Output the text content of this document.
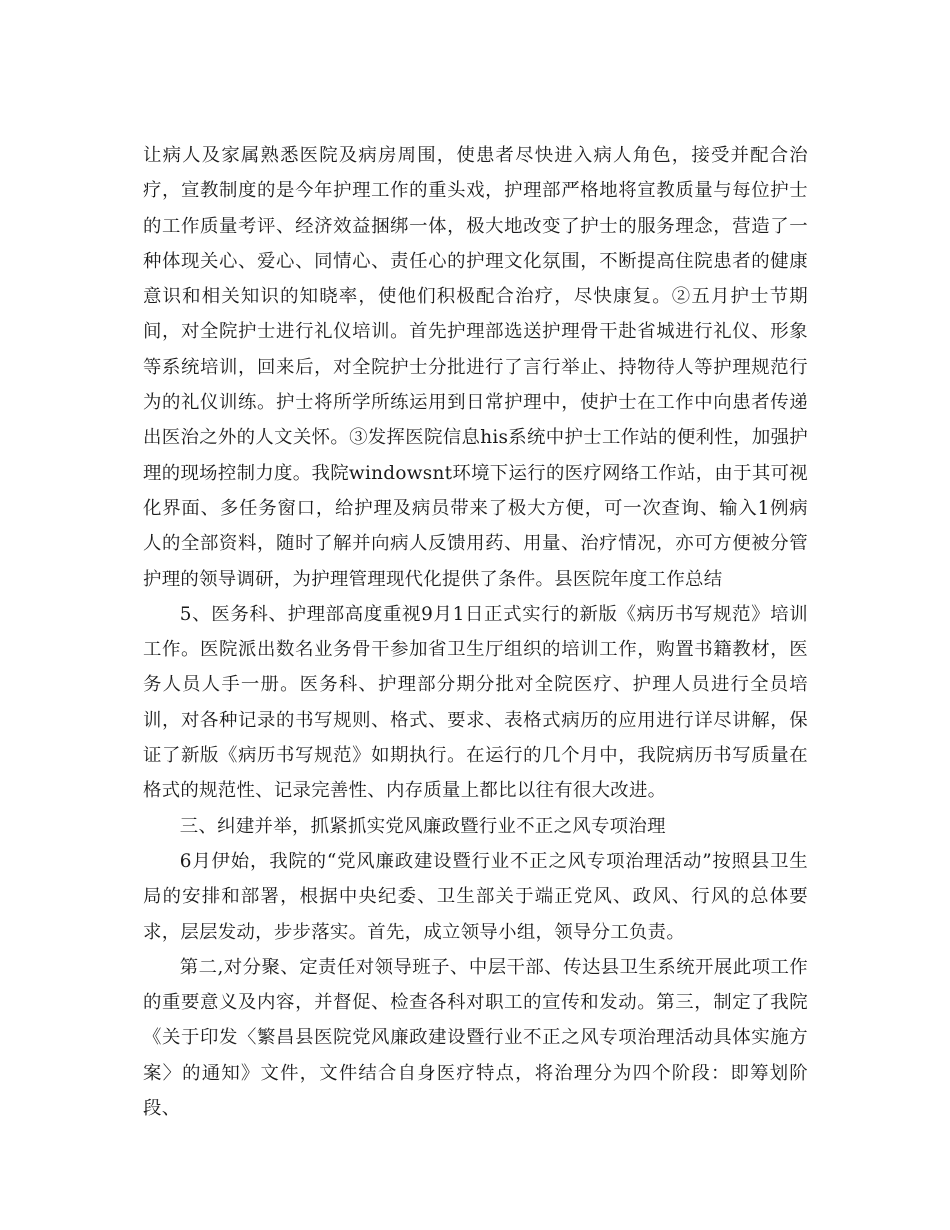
让病人及家属熟悉医院及病房周围，使患者尽快进入病人角色，接受并配合治疗，宣教制度的是今年护理工作的重头戏，护理部严格地将宣教质量与每位护士的工作质量考评、经济效益捆绑一体，极大地改变了护士的服务理念，营造了一种体现关心、爱心、同情心、责任心的护理文化氛围，不断提高住院患者的健康意识和相关知识的知晓率，使他们积极配合治疗，尽快康复。②五月护士节期间，对全院护士进行礼仪培训。首先护理部选送护理骨干赴省城进行礼仪、形象等系统培训，回来后，对全院护士分批进行了言行举止、持物待人等护理规范行为的礼仪训练。护士将所学所练运用到日常护理中，使护士在工作中向患者传递出医治之外的人文关怀。③发挥医院信息his系统中护士工作站的便利性，加强护理的现场控制力度。我院windowsnt环境下运行的医疗网络工作站，由于其可视化界面、多任务窗口，给护理及病员带来了极大方便，可一次查询、输入1例病人的全部资料，随时了解并向病人反馈用药、用量、治疗情况，亦可方便被分管护理的领导调研，为护理管理现代化提供了条件。县医院年度工作总结

5、医务科、护理部高度重视9月1日正式实行的新版《病历书写规范》培训工作。医院派出数名业务骨干参加省卫生厅组织的培训工作，购置书籍教材，医务人员人手一册。医务科、护理部分期分批对全院医疗、护理人员进行全员培训，对各种记录的书写规则、格式、要求、表格式病历的应用进行详尽讲解，保证了新版《病历书写规范》如期执行。在运行的几个月中，我院病历书写质量在格式的规范性、记录完善性、内存质量上都比以往有很大改进。

三、纠建并举，抓紧抓实党风廉政暨行业不正之风专项治理

6月伊始，我院的“党风廉政建设暨行业不正之风专项治理活动”按照县卫生局的安排和部署，根据中央纪委、卫生部关于端正党风、政风、行风的总体要求，层层发动，步步落实。首先，成立领导小组，领导分工负责。

第二,对分聚、定责任对领导班子、中层干部、传达县卫生系统开展此项工作的重要意义及内容，并督促、检查各科对职工的宣传和发动。第三，制定了我院《关于印发〈繁昌县医院党风廉政建设暨行业不正之风专项治理活动具体实施方案〉的通知》文件，文件结合自身医疗特点，将治理分为四个阶段：即筹划阶段、
